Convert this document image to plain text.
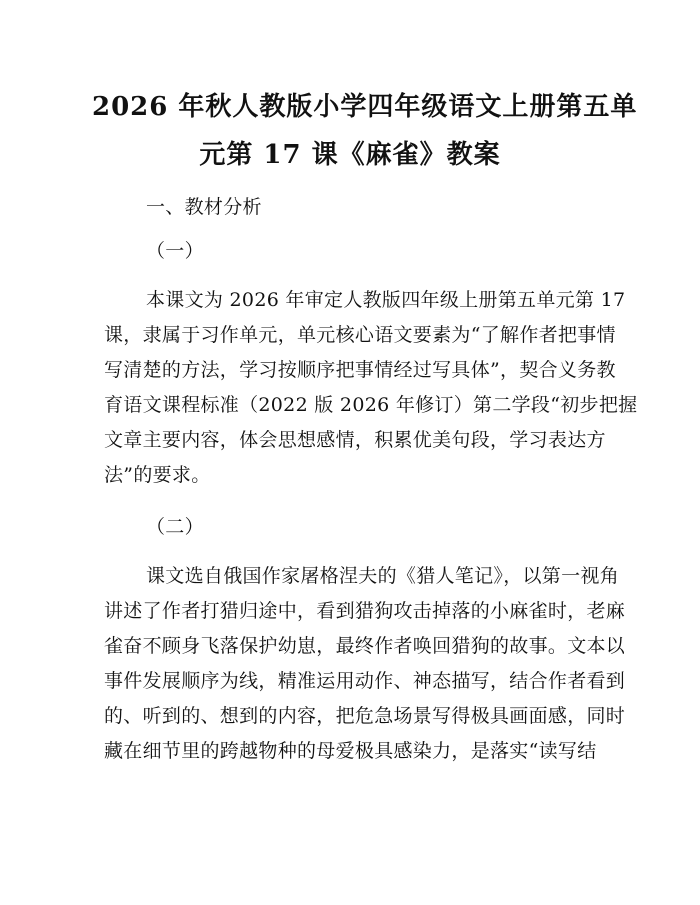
2026 年秋人教版小学四年级语文上册第五单
元第 17 课《麻雀》教案
一、教材分析
（一）
本课文为 2026 年审定人教版四年级上册第五单元第 17
课，隶属于习作单元，单元核心语文要素为“了解作者把事情
写清楚的方法，学习按顺序把事情经过写具体”，契合义务教
育语文课程标准（2022 版 2026 年修订）第二学段“初步把握
文章主要内容，体会思想感情，积累优美句段，学习表达方
法”的要求。
（二）
课文选自俄国作家屠格涅夫的《猎人笔记》，以第一视角
讲述了作者打猎归途中，看到猎狗攻击掉落的小麻雀时，老麻
雀奋不顾身飞落保护幼崽，最终作者唤回猎狗的故事。文本以
事件发展顺序为线，精准运用动作、神态描写，结合作者看到
的、听到的、想到的内容，把危急场景写得极具画面感，同时
藏在细节里的跨越物种的母爱极具感染力，是落实“读写结
